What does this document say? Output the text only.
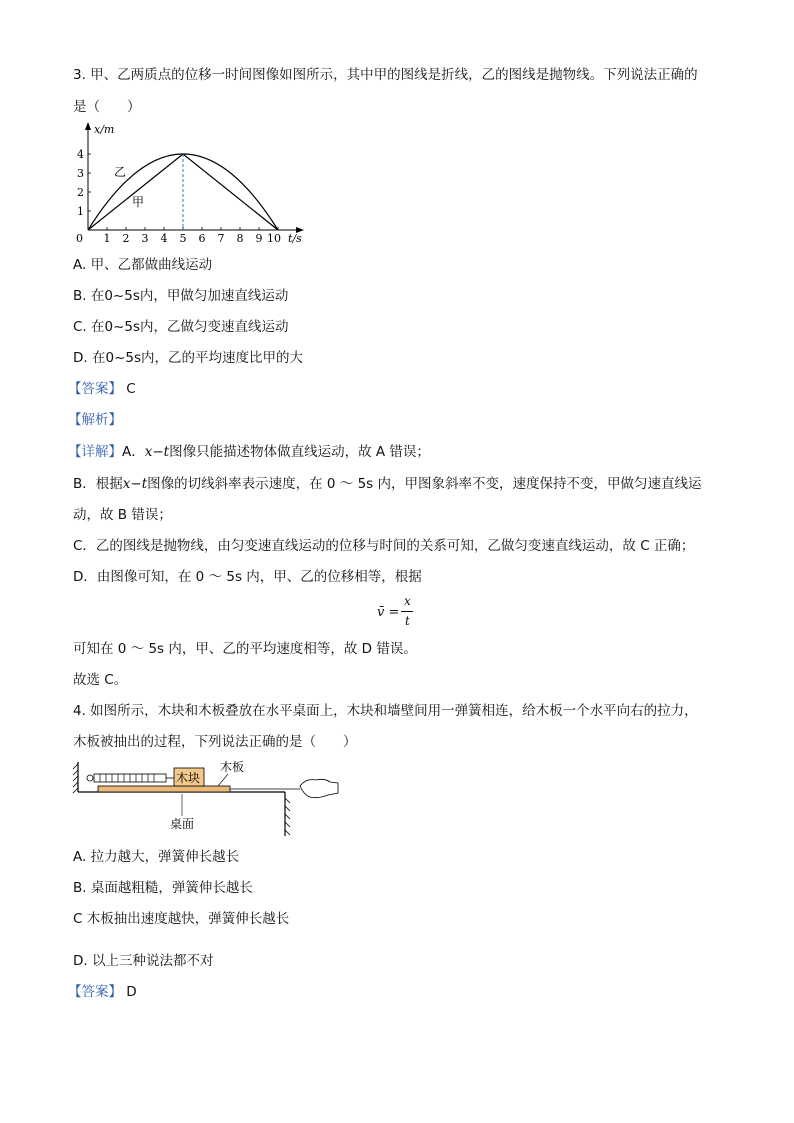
3. 甲、乙两质点的位移一时间图像如图所示，其中甲的图线是折线，乙的图线是抛物线。下列说法正确的
是（　　）
x/m
t/s
0
乙
甲
1 2 3 4 5 6 7 8 9 10
1
2
3
4
A. 甲、乙都做曲线运动
B. 在0~5s内，甲做匀加速直线运动
C. 在0~5s内，乙做匀变速直线运动
D. 在0~5s内，乙的平均速度比甲的大
【答案】 C
【解析】
【详解】A．x−t图像只能描述物体做直线运动，故 A 错误；
B．根据x−t图像的切线斜率表示速度，在 0 ～ 5s 内，甲图象斜率不变，速度保持不变，甲做匀速直线运
动，故 B 错误；
C．乙的图线是抛物线，由匀变速直线运动的位移与时间的关系可知，乙做匀变速直线运动，故 C 正确；
D．由图像可知，在 0 ～ 5s 内，甲、乙的位移相等，根据
v̄ =
x
t
可知在 0 ～ 5s 内，甲、乙的平均速度相等，故 D 错误。
故选 C。
4. 如图所示，木块和木板叠放在水平桌面上，木块和墙壁间用一弹簧相连，给木板一个水平向右的拉力，
木板被抽出的过程，下列说法正确的是（　　）
木块
木板
桌面
A. 拉力越大，弹簧伸长越长
B. 桌面越粗糙，弹簧伸长越长
C 木板抽出速度越快，弹簧伸长越长
D. 以上三种说法都不对
【答案】 D
